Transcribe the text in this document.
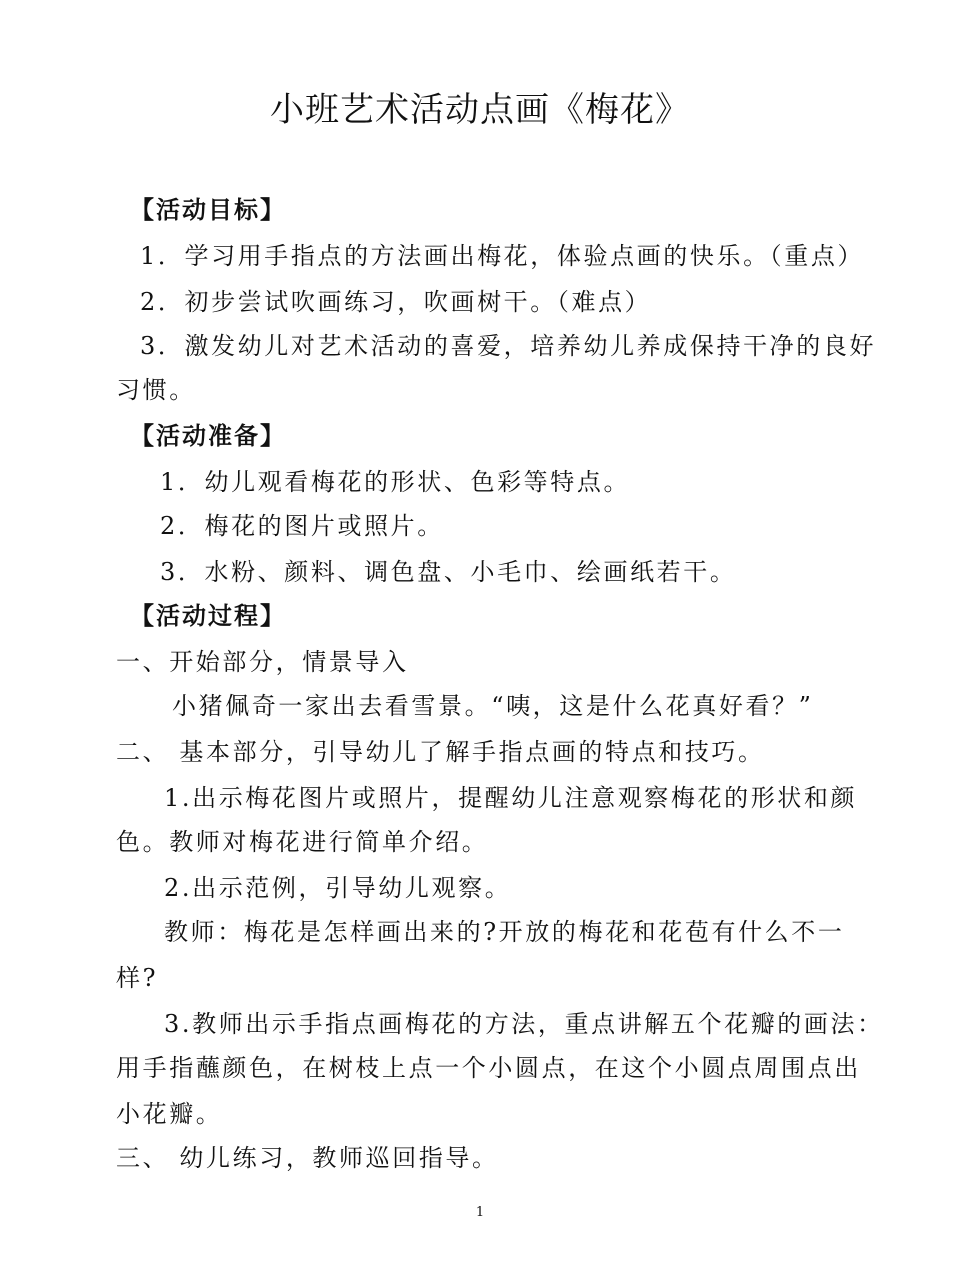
小班艺术活动点画《梅花》
【活动目标】
1．学习用手指点的方法画出梅花，体验点画的快乐。（重点）
2．初步尝试吹画练习，吹画树干。（难点）
3．激发幼儿对艺术活动的喜爱，培养幼儿养成保持干净的良好
习惯。
【活动准备】
1．幼儿观看梅花的形状、色彩等特点。
2．梅花的图片或照片。
3．水粉、颜料、调色盘、小毛巾、绘画纸若干。
【活动过程】
一、开始部分，情景导入
小猪佩奇一家出去看雪景。“咦，这是什么花真好看？”
二、 基本部分，引导幼儿了解手指点画的特点和技巧。
1.出示梅花图片或照片，提醒幼儿注意观察梅花的形状和颜
色。教师对梅花进行简单介绍。
2.出示范例，引导幼儿观察。
教师：梅花是怎样画出来的?开放的梅花和花苞有什么不一
样?
3.教师出示手指点画梅花的方法，重点讲解五个花瓣的画法：
用手指蘸颜色，在树枝上点一个小圆点，在这个小圆点周围点出
小花瓣。
三、 幼儿练习，教师巡回指导。
1
